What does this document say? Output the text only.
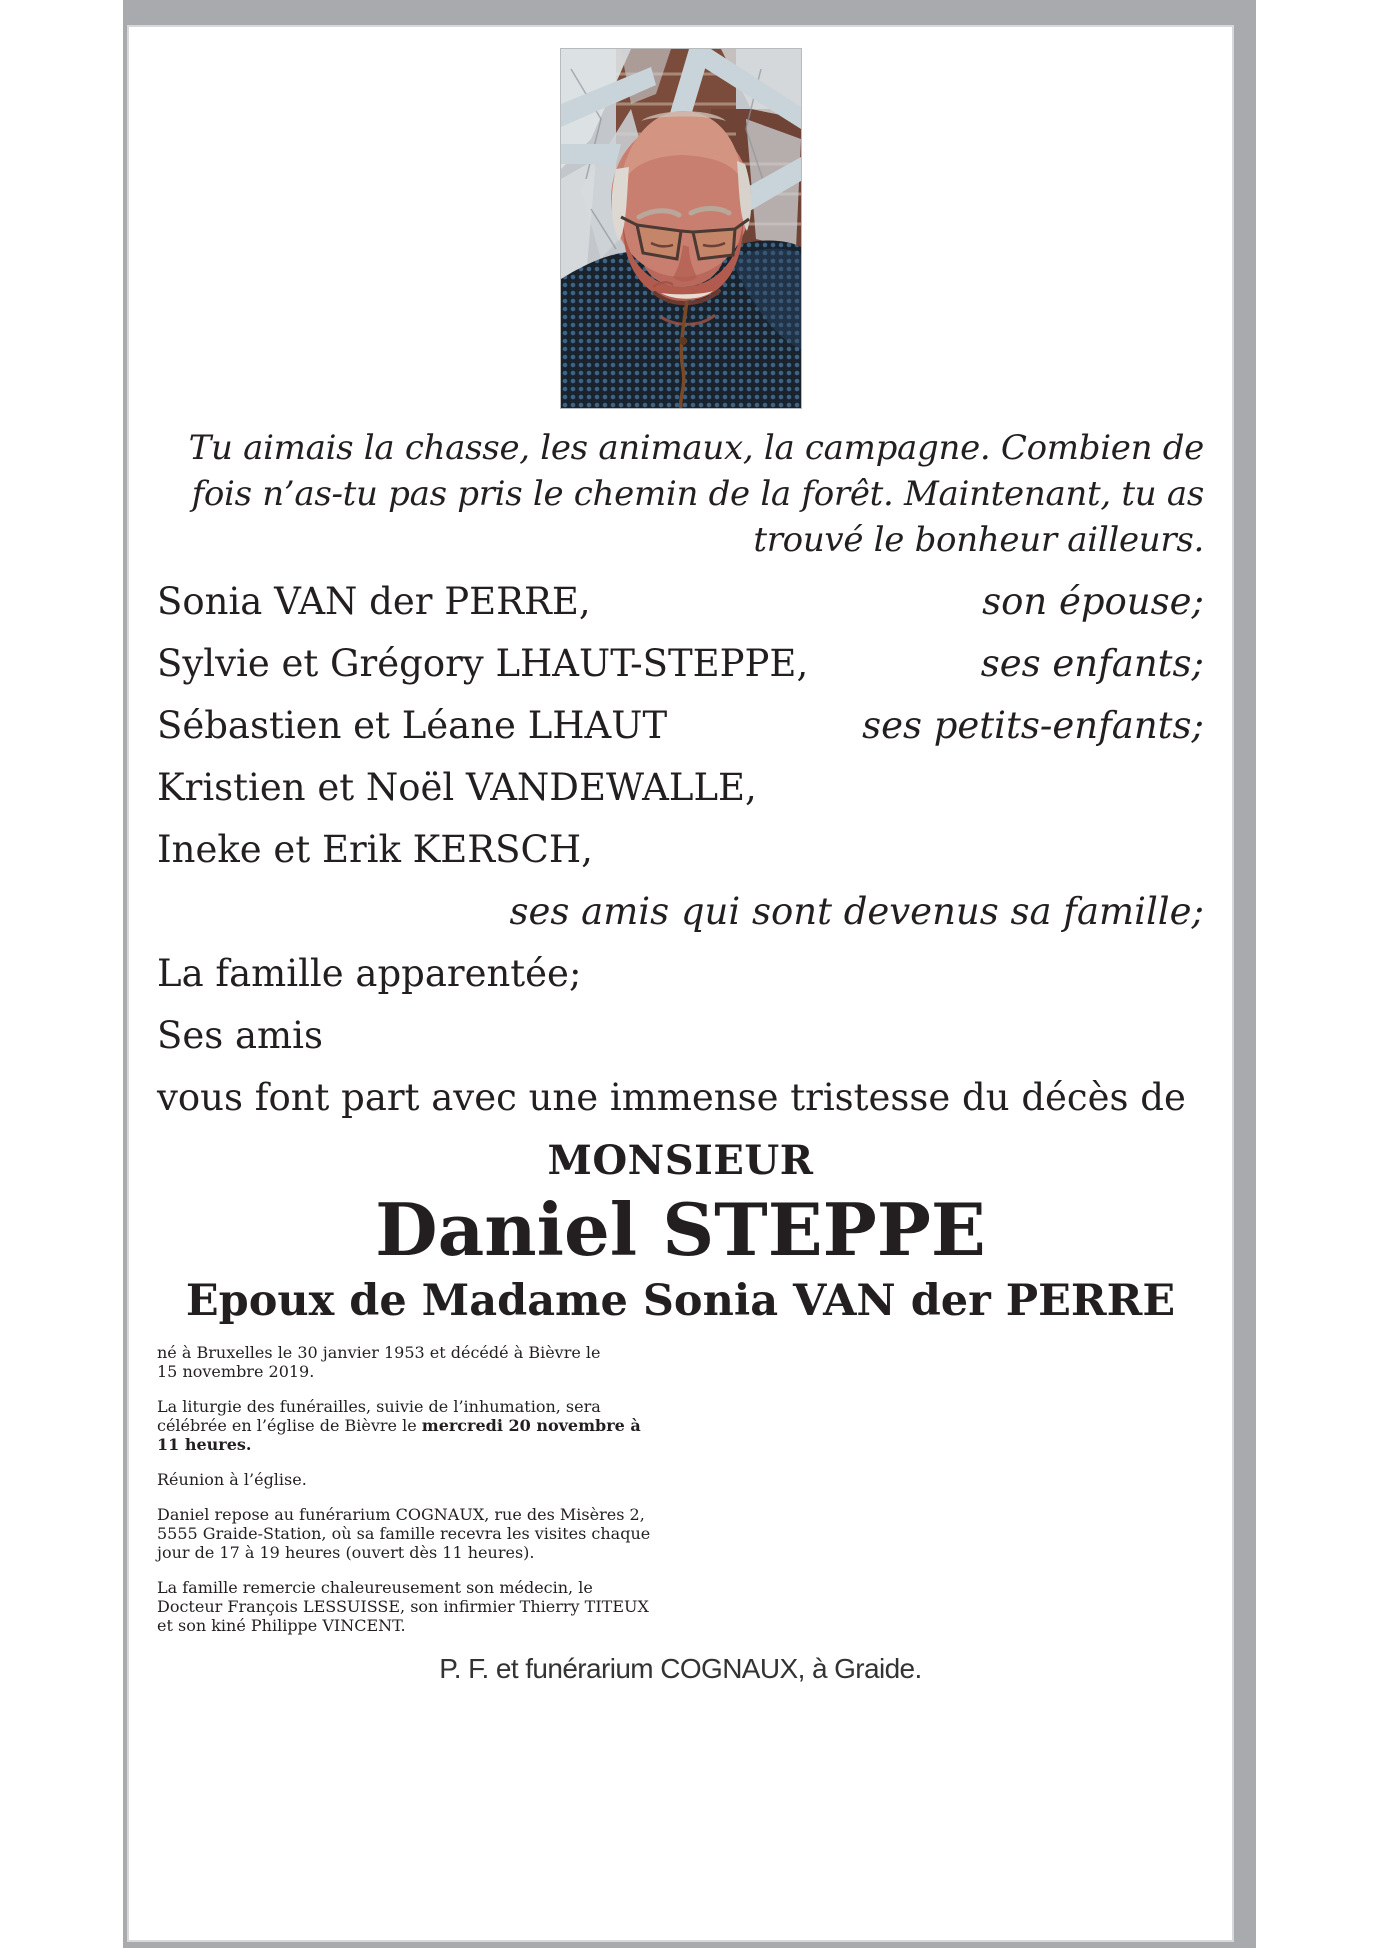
Tu aimais la chasse, les animaux, la campagne. Combien de
fois n’as-tu pas pris le chemin de la forêt. Maintenant, tu as
trouvé le bonheur ailleurs.
Sonia VAN der PERRE,	son épouse;
Sylvie et Grégory LHAUT-STEPPE,	ses enfants;
Sébastien et Léane LHAUT	ses petits-enfants;
Kristien et Noël VANDEWALLE,
Ineke et Erik KERSCH,
ses amis qui sont devenus sa famille;
La famille apparentée;
Ses amis
vous font part avec une immense tristesse du décès de
MONSIEUR
Daniel STEPPE
Epoux de Madame Sonia VAN der PERRE

né à Bruxelles le 30 janvier 1953 et décédé à Bièvre le
15 novembre 2019.

La liturgie des funérailles, suivie de l’inhumation, sera
célébrée en l’église de Bièvre le mercredi 20 novembre à
11 heures.

Réunion à l’église.

Daniel repose au funérarium COGNAUX, rue des Misères 2,
5555 Graide-Station, où sa famille recevra les visites chaque
jour de 17 à 19 heures (ouvert dès 11 heures).

La famille remercie chaleureusement son médecin, le
Docteur François LESSUISSE, son infirmier Thierry TITEUX
et son kiné Philippe VINCENT.

P. F. et funérarium COGNAUX, à Graide.
